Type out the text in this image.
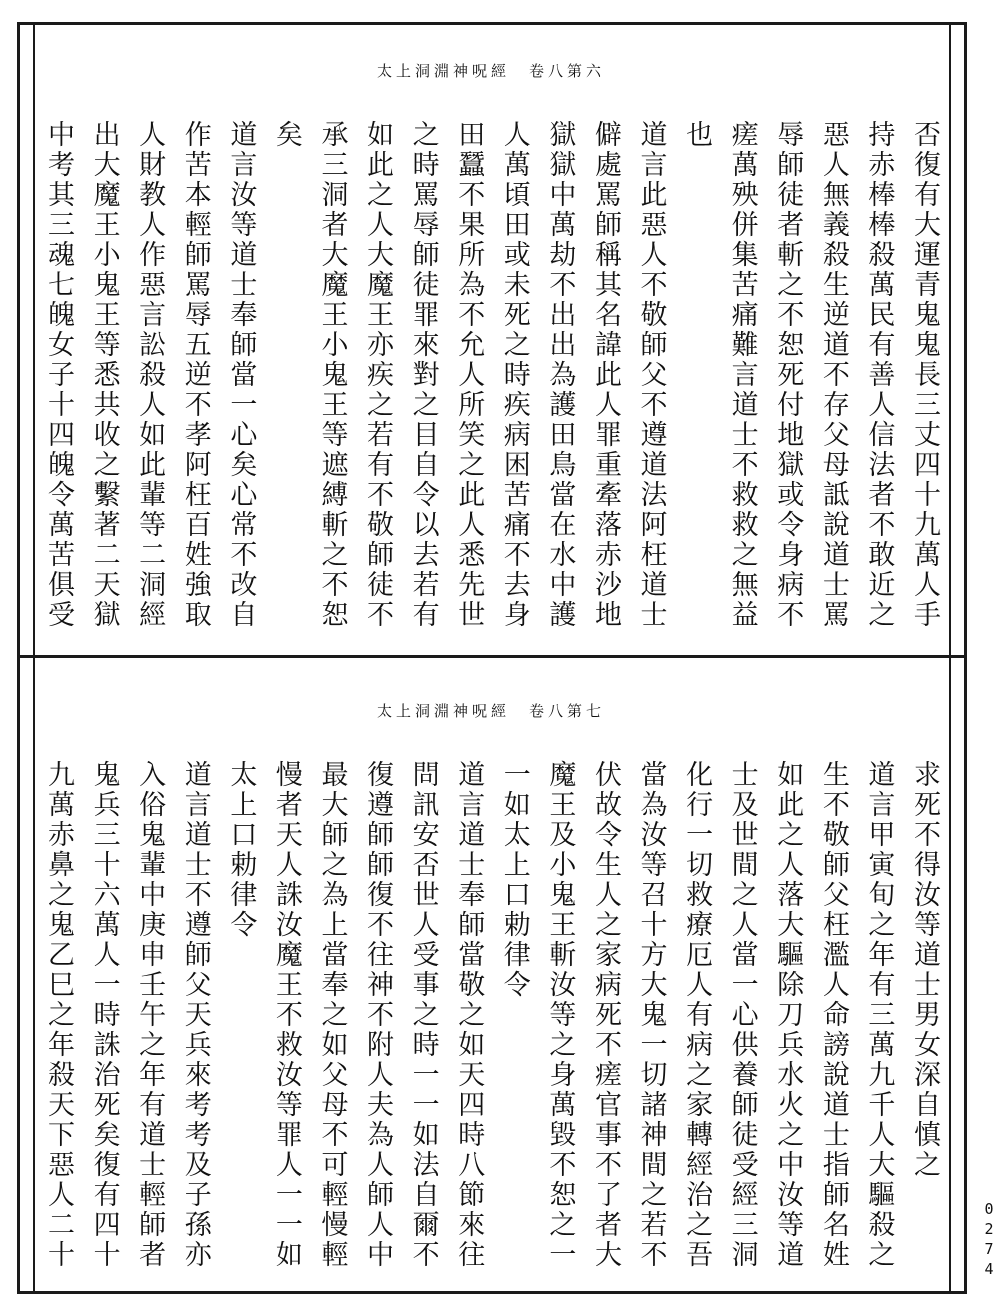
太上洞淵神呪經　卷八第六
否復有大運青鬼鬼長三丈四十九萬人手
持赤棒棒殺萬民有善人信法者不敢近之
惡人無義殺生逆道不存父母詆說道士罵
辱師徒者斬之不恕死付地獄或令身病不
瘥萬殃併集苦痛難言道士不救救之無益
也
道言此惡人不敬師父不遵道法阿枉道士
僻處罵師稱其名諱此人罪重牽落赤沙地
獄獄中萬劫不出出為護田鳥當在水中護
人萬頃田或未死之時疾病困苦痛不去身
田蠶不果所為不允人所笑之此人悉先世
之時罵辱師徒罪來對之目自令以去若有
如此之人大魔王亦疾之若有不敬師徒不
承三洞者大魔王小鬼王等遮縛斬之不恕
矣
道言汝等道士奉師當一心矣心常不改自
作苦本輕師罵辱五逆不孝阿枉百姓強取
人財教人作惡言訟殺人如此輩等二洞經
出大魔王小鬼王等悉共收之繫著二天獄
中考其三魂七魄女子十四魄令萬苦俱受
太上洞淵神呪經　卷八第七
求死不得汝等道士男女深自慎之
道言甲寅旬之年有三萬九千人大驅殺之
生不敬師父枉濫人命謗說道士指師名姓
如此之人落大驅除刀兵水火之中汝等道
士及世間之人當一心供養師徒受經三洞
化行一切救療厄人有病之家轉經治之吾
當為汝等召十方大鬼一切諸神間之若不
伏故令生人之家病死不瘥官事不了者大
魔王及小鬼王斬汝等之身萬毀不恕之一
一如太上口勅律令
道言道士奉師當敬之如天四時八節來往
問訊安否世人受事之時一一如法自爾不
復遵師師復不往神不附人夫為人師人中
最大師之為上當奉之如父母不可輕慢輕
慢者天人誅汝魔王不救汝等罪人一一如
太上口勅律令
道言道士不遵師父天兵來考考及子孫亦
入俗鬼輩中庚申壬午之年有道士輕師者
鬼兵三十六萬人一時誅治死矣復有四十
九萬赤鼻之鬼乙巳之年殺天下惡人二十	0274
